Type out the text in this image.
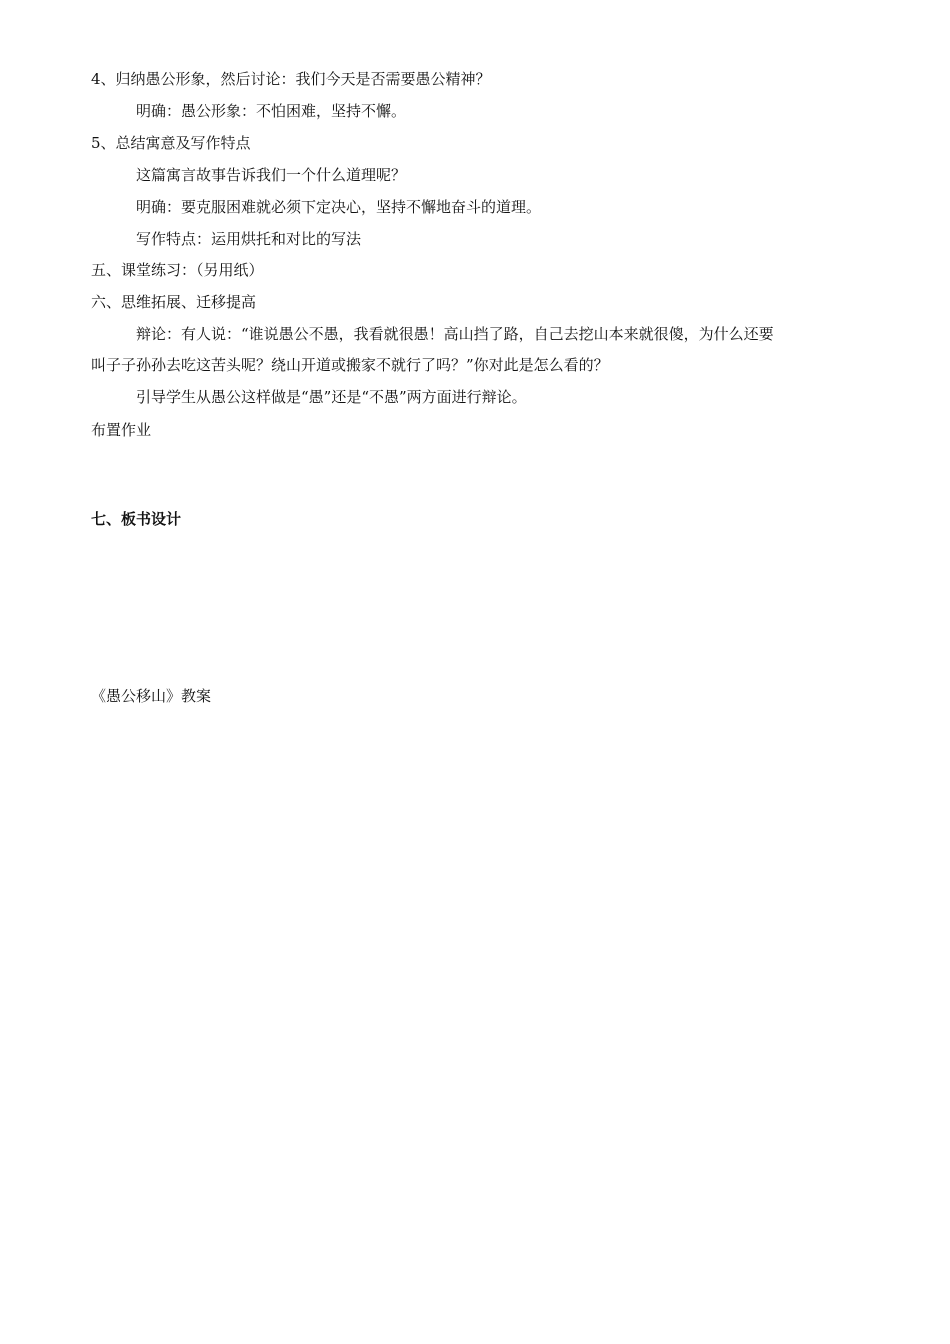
4、归纳愚公形象，然后讨论：我们今天是否需要愚公精神？
明确：愚公形象：不怕困难，坚持不懈。
5、总结寓意及写作特点
这篇寓言故事告诉我们一个什么道理呢？
明确：要克服困难就必须下定决心，坚持不懈地奋斗的道理。
写作特点：运用烘托和对比的写法
五、课堂练习：（另用纸）
六、思维拓展、迁移提高
辩论：有人说：“谁说愚公不愚，我看就很愚！高山挡了路，自己去挖山本来就很傻，为什么还要
叫子子孙孙去吃这苦头呢？绕山开道或搬家不就行了吗？”你对此是怎么看的？
引导学生从愚公这样做是“愚”还是“不愚”两方面进行辩论。
布置作业
七、板书设计
《愚公移山》教案
